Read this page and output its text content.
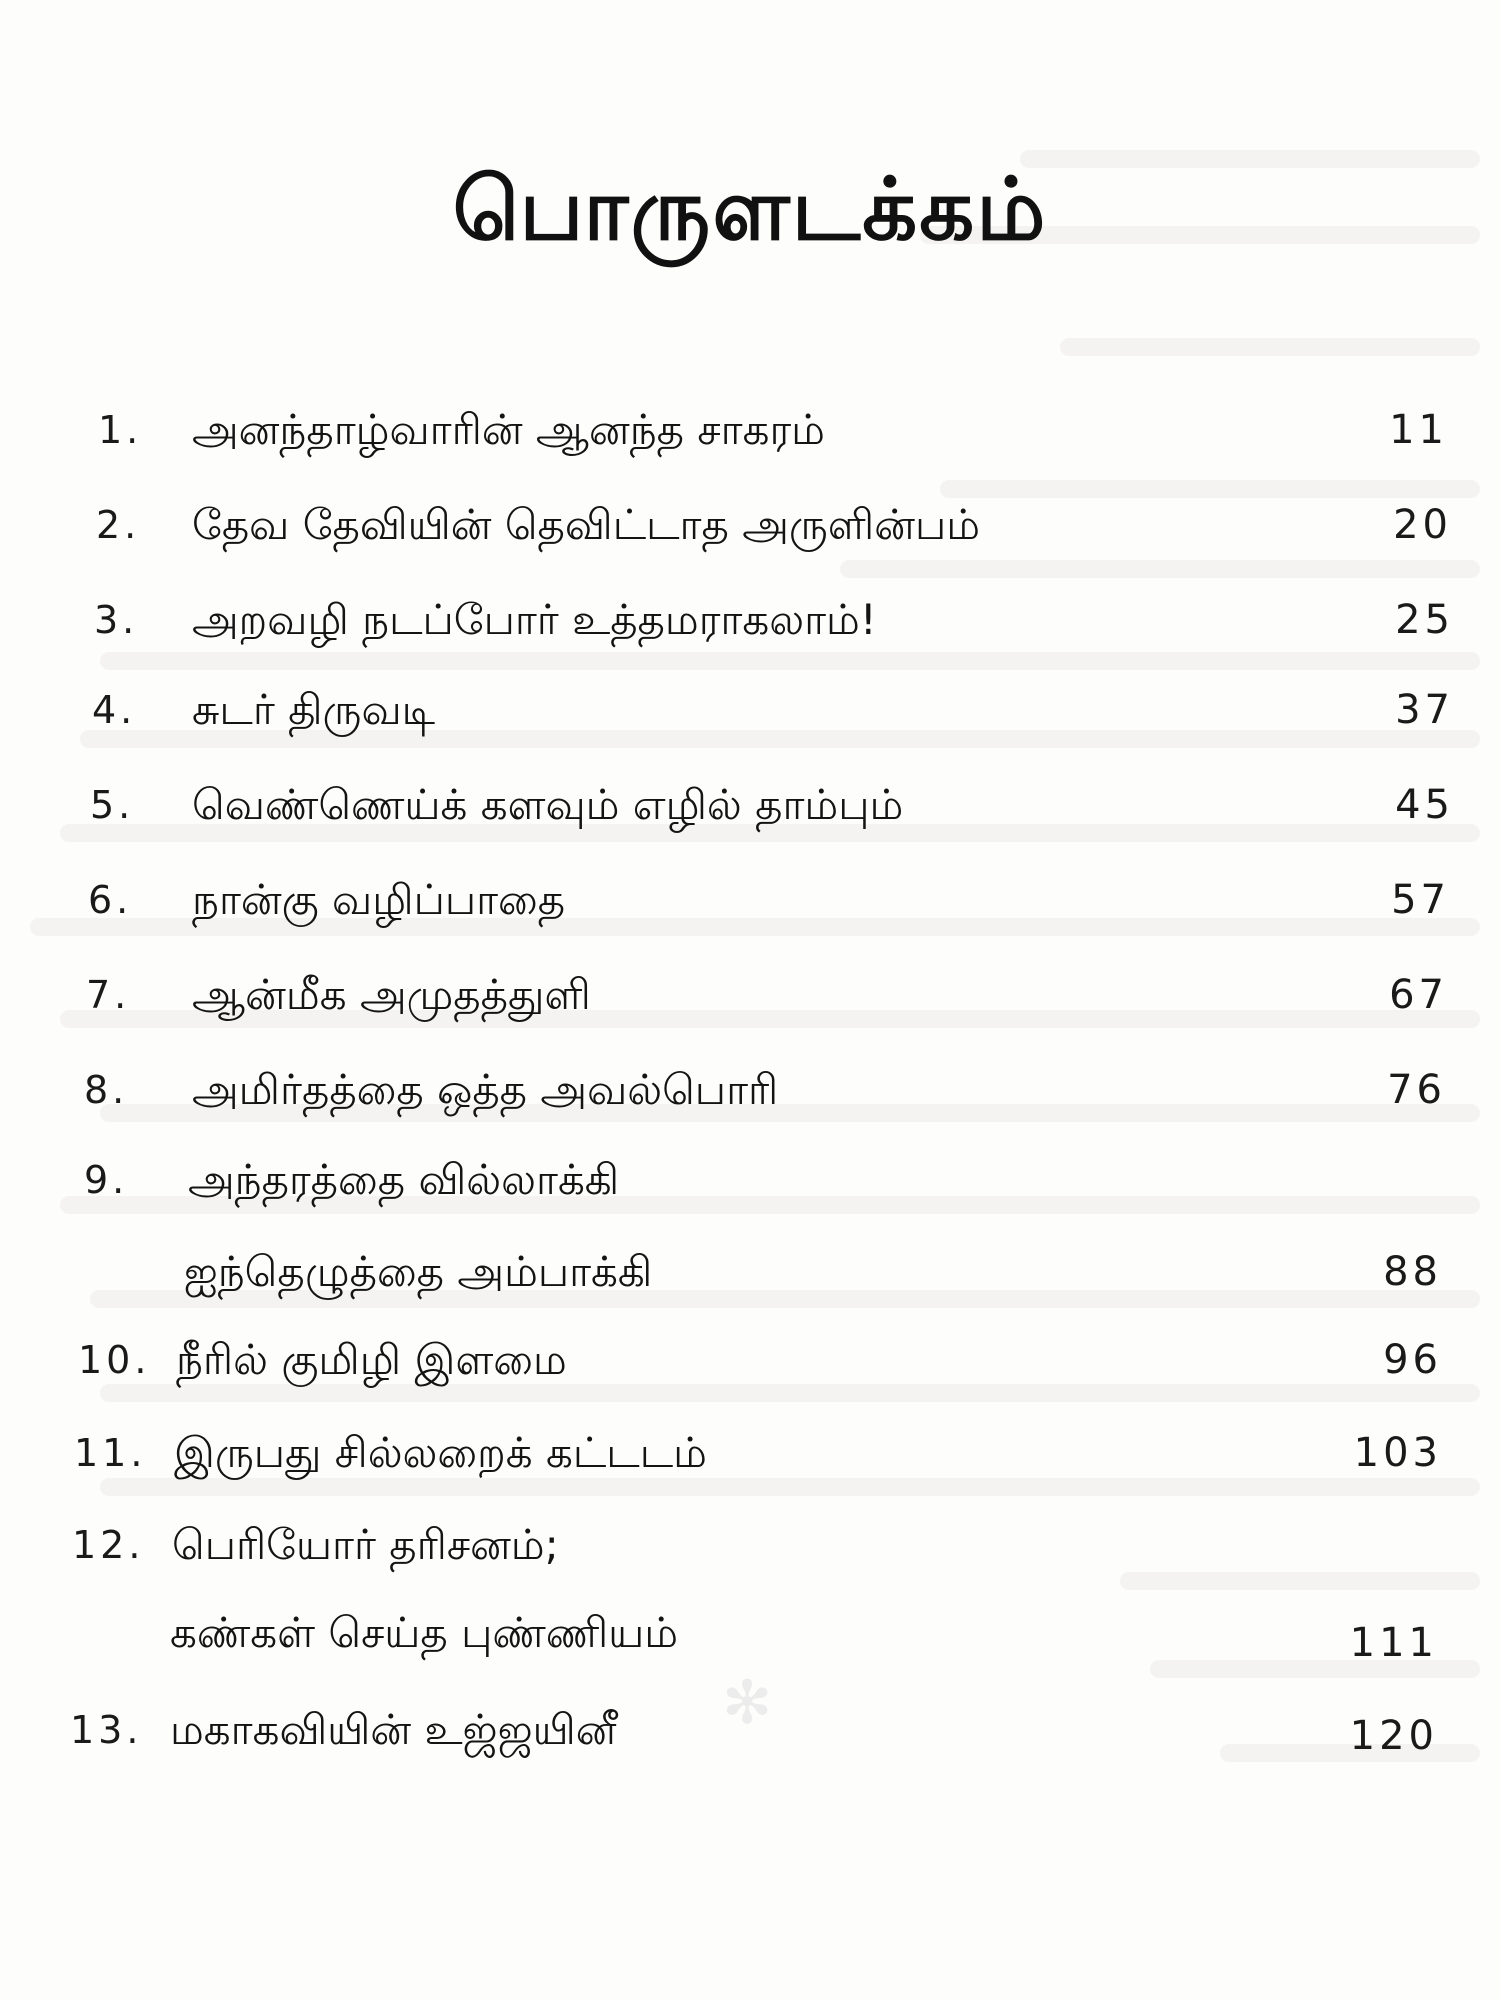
✻
பொருளடக்கம்
1. அனந்தாழ்வாரின் ஆனந்த சாகரம்	11
2. தேவ தேவியின் தெவிட்டாத அருளின்பம்	20
3. அறவழி நடப்போர் உத்தமராகலாம்!	25
4. சுடர் திருவடி	37
5. வெண்ணெய்க் களவும் எழில் தாம்பும்	45
6. நான்கு வழிப்பாதை	57
7. ஆன்மீக அமுதத்துளி	67
8. அமிர்தத்தை ஒத்த அவல்பொரி	76
9. அந்தரத்தை வில்லாக்கி
ஐந்தெழுத்தை அம்பாக்கி	88
10. நீரில் குமிழி இளமை	96
11. இருபது சில்லறைக் கட்டடம்	103
12. பெரியோர் தரிசனம்;
கண்கள் செய்த புண்ணியம்	111
13. மகாகவியின் உஜ்ஜயினீ	120
